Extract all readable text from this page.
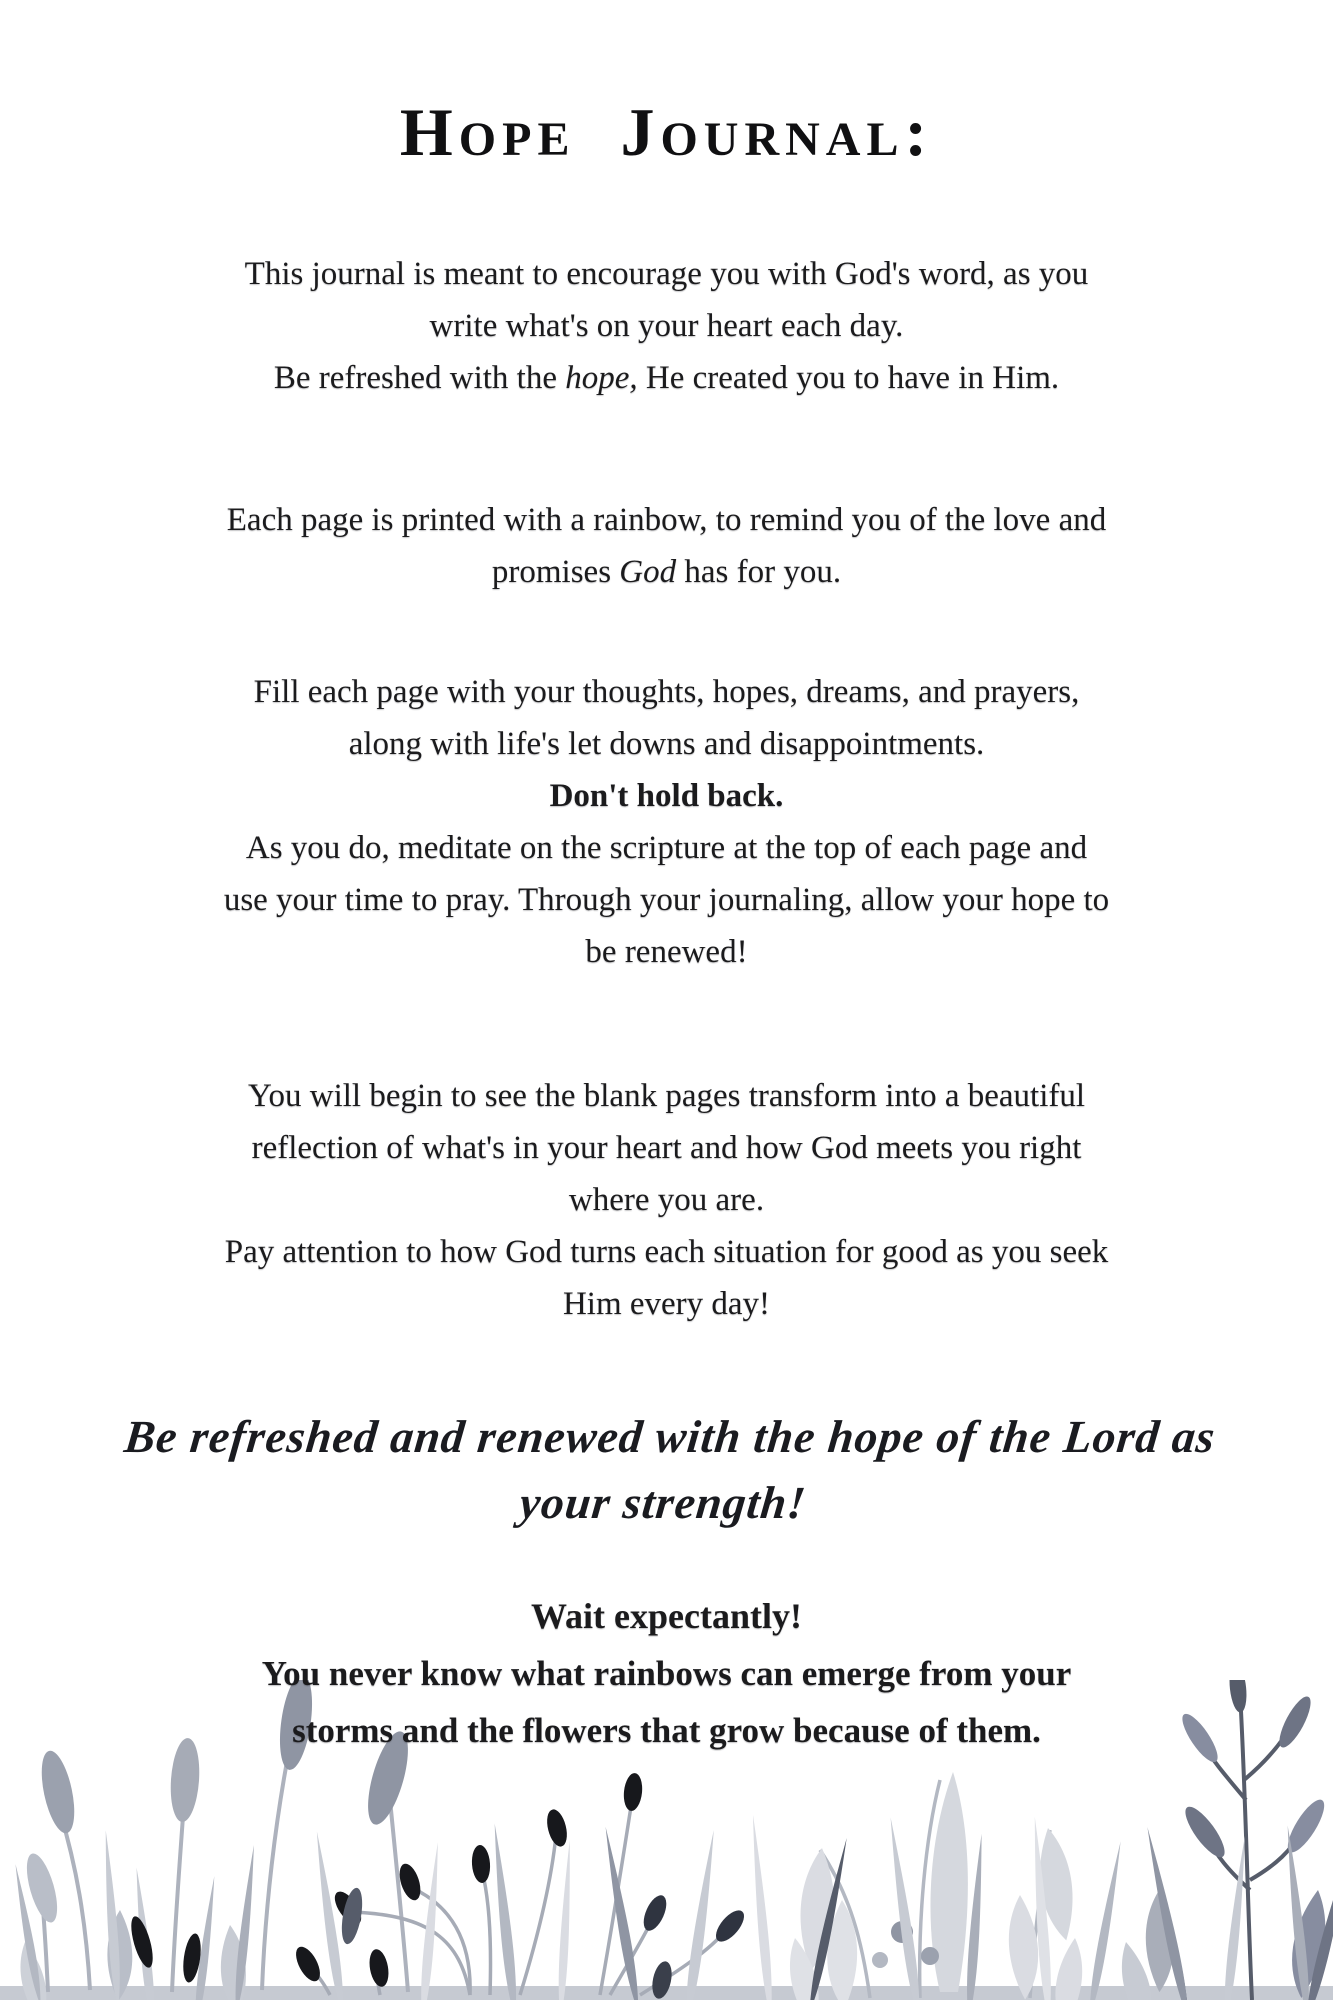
Hope Journal:
This journal is meant to encourage you with God's word, as you
write what's on your heart each day.
Be refreshed with the hope, He created you to have in Him.
Each page is printed with a rainbow, to remind you of the love and
promises God has for you.
Fill each page with your thoughts, hopes, dreams, and prayers,
along with life's let downs and disappointments.
Don't hold back.
As you do, meditate on the scripture at the top of each page and
use your time to pray. Through your journaling, allow your hope to
be renewed!
You will begin to see the blank pages transform into a beautiful
reflection of what's in your heart and how God meets you right
where you are.
Pay attention to how God turns each situation for good as you seek
Him every day!
Be refreshed and renewed with the hope of the Lord as
your strength!
Wait expectantly!
You never know what rainbows can emerge from your
storms and the flowers that grow because of them.
